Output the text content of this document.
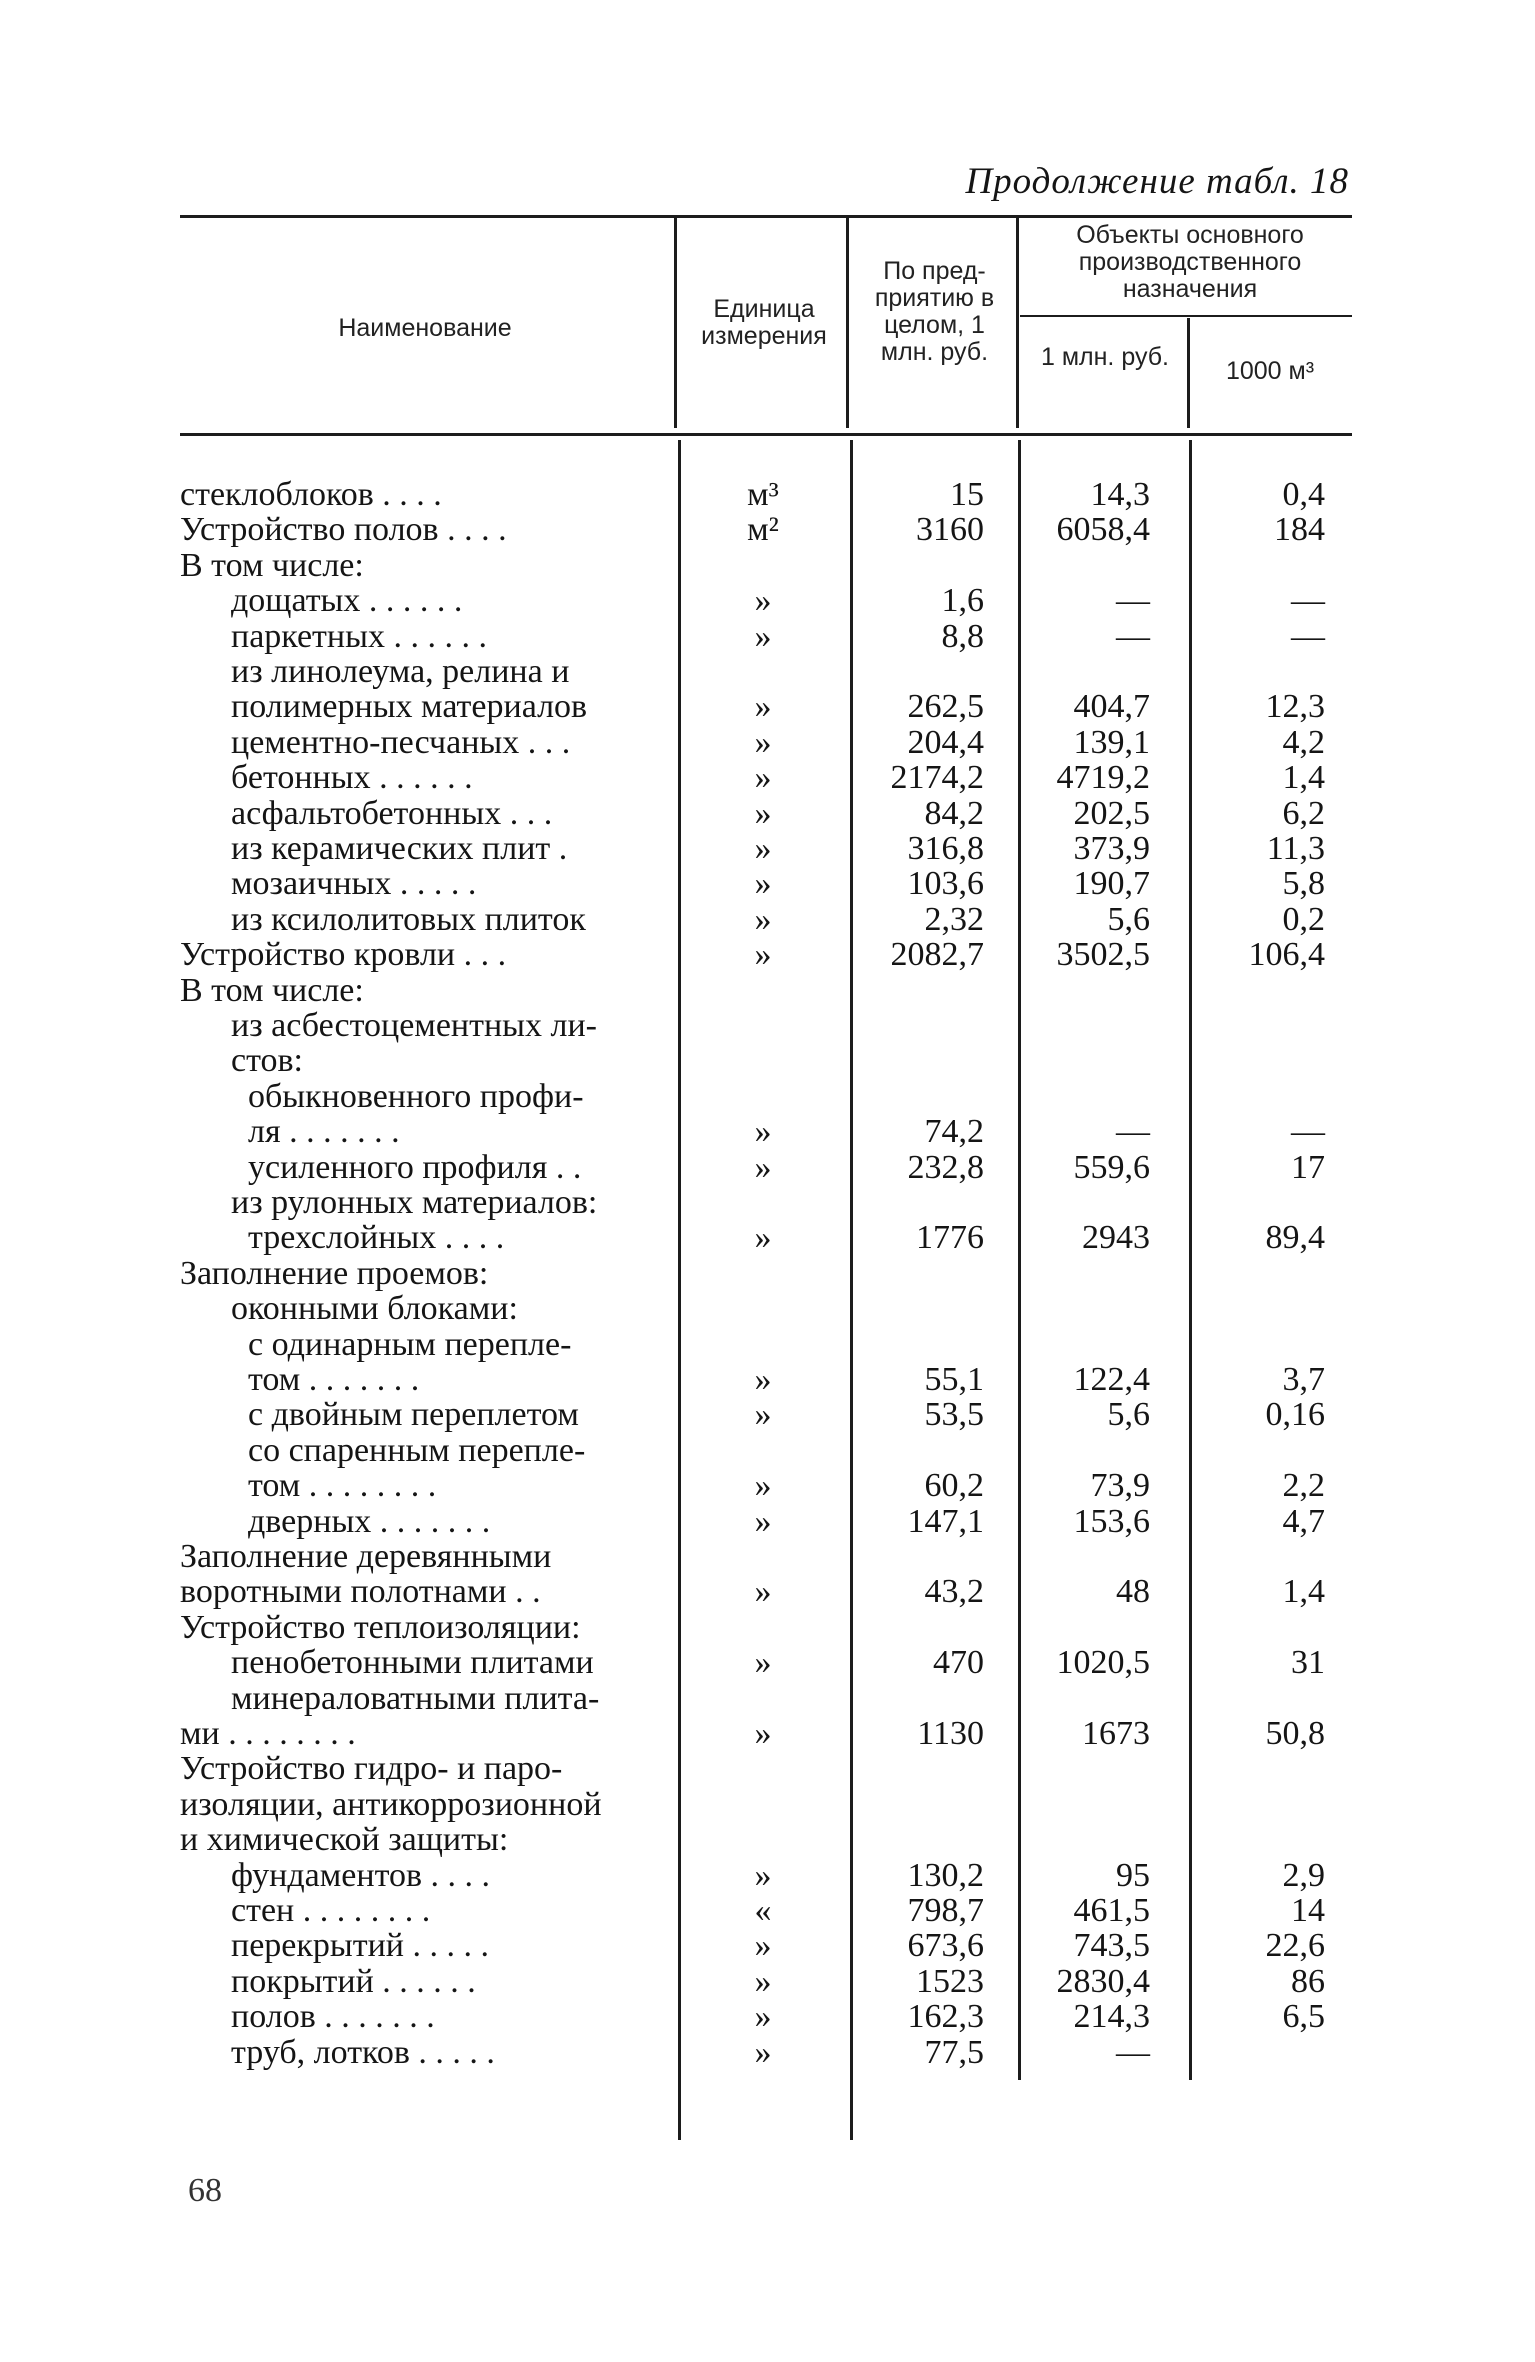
Продолжение табл. 18
Наименование
Единица измерения
По пред-приятию в целом, 1 млн. руб.
Объекты основного производственного назначения
1 млн. руб.	1000 м³
стеклоблоков . . . .	м³	15	14,3	0,4
Устройство полов . . . .	м²	3160	6058,4	184
В том числе:
дощатых . . . . . .	»	1,6	—	—
паркетных . . . . . .	»	8,8	—	—
из линолеума, релина и
полимерных материалов	»	262,5	404,7	12,3
цементно-песчаных . . .	»	204,4	139,1	4,2
бетонных . . . . . .	»	2174,2	4719,2	1,4
асфальтобетонных . . .	»	84,2	202,5	6,2
из керамических плит .	»	316,8	373,9	11,3
мозаичных . . . . .	»	103,6	190,7	5,8
из ксилолитовых плиток	»	2,32	5,6	0,2
Устройство кровли . . .	»	2082,7	3502,5	106,4
В том числе:
из асбестоцементных ли-
стов:
обыкновенного профи-
ля . . . . . . .	»	74,2	—	—
усиленного профиля . .	»	232,8	559,6	17
из рулонных материалов:
трехслойных . . . .	»	1776	2943	89,4
Заполнение проемов:
оконными блоками:
с одинарным переплe-
том . . . . . . .	»	55,1	122,4	3,7
с двойным переплетом	»	53,5	5,6	0,16
со спаренным перепле-
том . . . . . . . .	»	60,2	73,9	2,2
дверных . . . . . . .	»	147,1	153,6	4,7
Заполнение деревянными
воротными полотнами . .	»	43,2	48	1,4
Устройство теплоизоляции:
пенобетонными плитами	»	470	1020,5	31
минераловатными плита-
ми . . . . . . . .	»	1130	1673	50,8
Устройство гидро- и паро-
изоляции, антикоррозионной
и химической защиты:
фундаментов . . . .	»	130,2	95	2,9
стен . . . . . . . .	«	798,7	461,5	14
перекрытий . . . . .	»	673,6	743,5	22,6
покрытий . . . . . .	»	1523	2830,4	86
полов . . . . . . .	»	162,3	214,3	6,5
труб, лотков . . . . .	»	77,5	—
68
